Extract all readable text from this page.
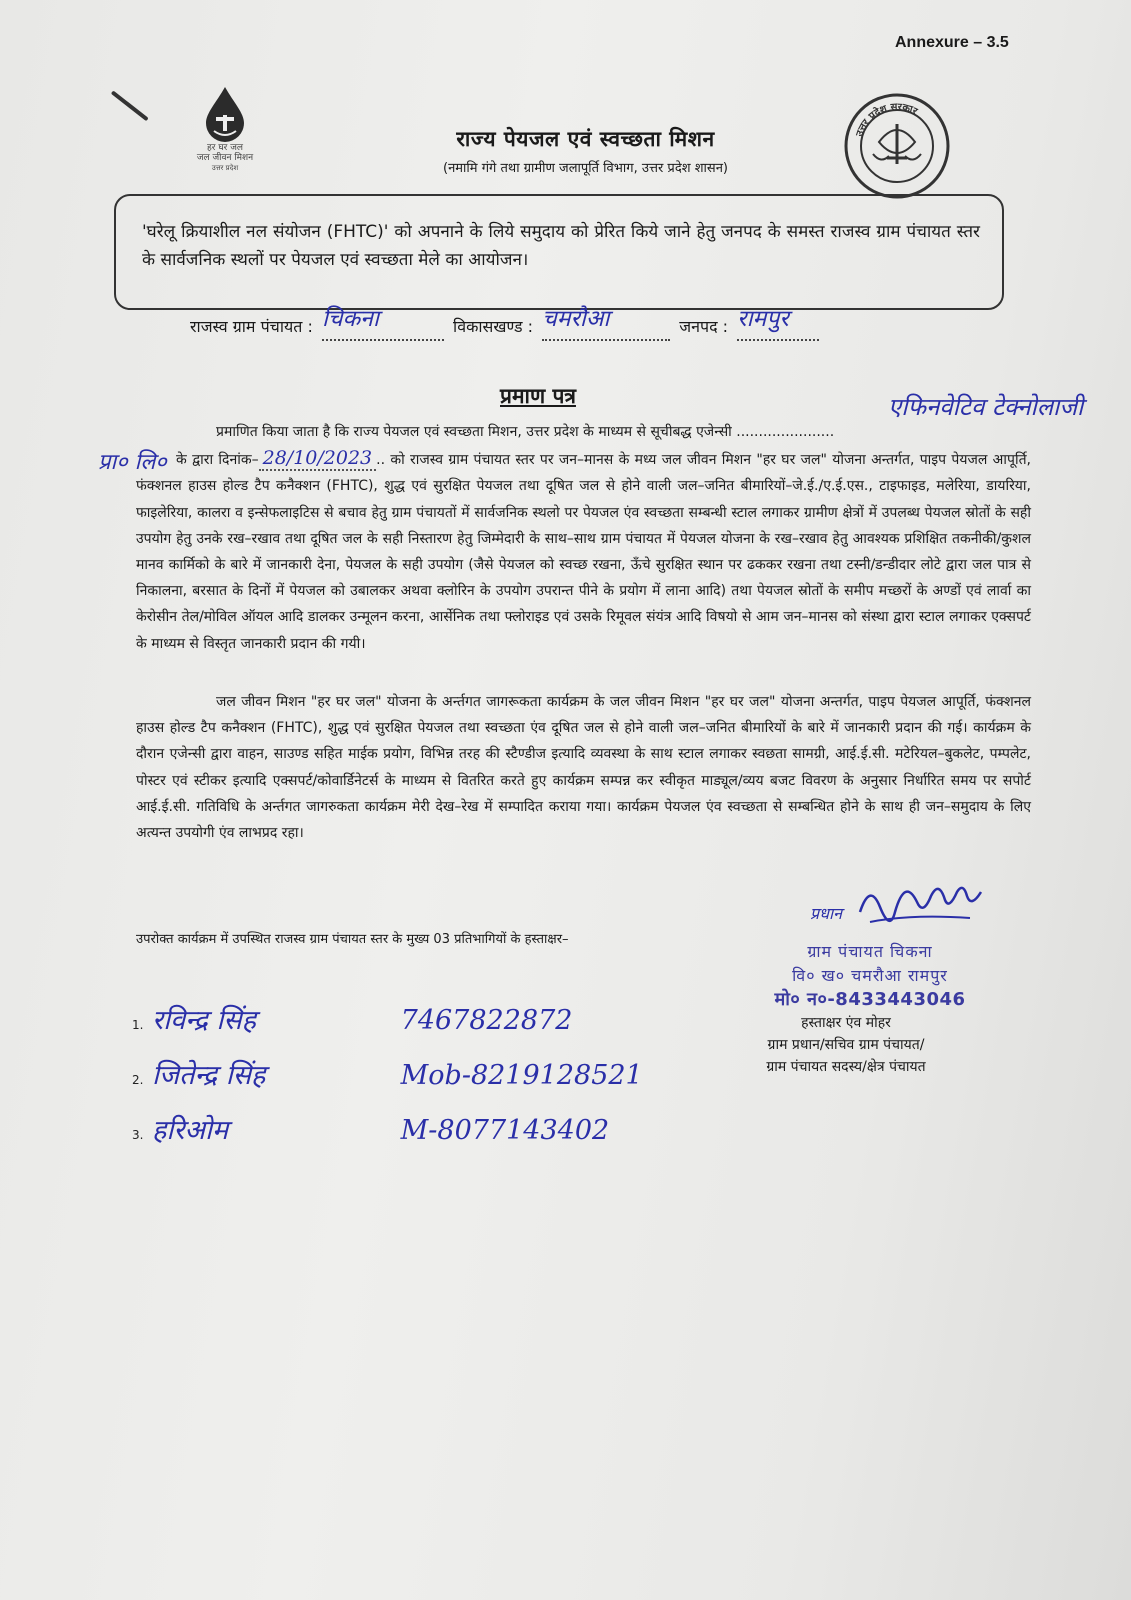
Annexure – 3.5
हर घर जल
जल जीवन मिशन
उत्तर प्रदेश
उत्तर प्रदेश सरकार
राज्य पेयजल एवं स्वच्छता मिशन
(नमामि गंगे तथा ग्रामीण जलापूर्ति विभाग, उत्तर प्रदेश शासन)

'घरेलू क्रियाशील नल संयोजन (FHTC)' को अपनाने के लिये समुदाय को प्रेरित किये जाने हेतु जनपद के समस्त राजस्व ग्राम पंचायत स्तर के सार्वजनिक स्थलों पर पेयजल एवं स्वच्छता मेले का आयोजन।

राजस्व ग्राम पंचायत : चिकना	विकासखण्ड : चमरौआ	जनपद : रामपुर
प्रमाण पत्र	एफिनवेटिव टेक्नोलाजी
प्रा० लि०
प्रमाणित किया जाता है कि राज्य पेयजल एवं स्वच्छता मिशन, उत्तर प्रदेश के माध्यम से सूचीबद्ध एजेन्सी ......................
के द्वारा दिनांक– 28/10/2023 .. को राजस्व ग्राम पंचायत स्तर पर जन–मानस के मध्य जल जीवन मिशन "हर घर जल" योजना अन्तर्गत, पाइप पेयजल आपूर्ति, फंक्शनल हाउस होल्ड टैप कनैक्शन (FHTC), शुद्ध एवं सुरक्षित पेयजल तथा दूषित जल से होने वाली जल–जनित बीमारियों–जे.ई./ए.ई.एस., टाइफाइड, मलेरिया, डायरिया, फाइलेरिया, कालरा व इन्सेफलाइटिस से बचाव हेतु ग्राम पंचायतों में सार्वजनिक स्थलो पर पेयजल एंव स्वच्छता सम्बन्धी स्टाल लगाकर ग्रामीण क्षेत्रों में उपलब्ध पेयजल स्रोतों के सही उपयोग हेतु उनके रख–रखाव तथा दूषित जल के सही निस्तारण हेतु जिम्मेदारी के साथ–साथ ग्राम पंचायत में पेयजल योजना के रख–रखाव हेतु आवश्यक प्रशिक्षित तकनीकी/कुशल मानव कार्मिको के बारे में जानकारी देना, पेयजल के सही उपयोग (जैसे पेयजल को स्वच्छ रखना, ऊँचे सुरक्षित स्थान पर ढककर रखना तथा टस्नी/डन्डीदार लोटे द्वारा जल पात्र से निकालना, बरसात के दिनों में पेयजल को उबालकर अथवा क्लोरिन के उपयोग उपरान्त पीने के प्रयोग में लाना आदि) तथा पेयजल स्रोतों के समीप मच्छरों के अण्डों एवं लार्वा का केरोसीन तेल/मोविल ऑयल आदि डालकर उन्मूलन करना, आर्सेनिक तथा फ्लोराइड एवं उसके रिमूवल संयंत्र आदि विषयो से आम जन–मानस को संस्था द्वारा स्टाल लगाकर एक्सपर्ट के माध्यम से विस्तृत जानकारी प्रदान की गयी।
जल जीवन मिशन "हर घर जल" योजना के अर्न्तगत जागरूकता कार्यक्रम के जल जीवन मिशन "हर घर जल" योजना अन्तर्गत, पाइप पेयजल आपूर्ति, फंक्शनल हाउस होल्ड टैप कनैक्शन (FHTC), शुद्ध एवं सुरक्षित पेयजल तथा स्वच्छता एंव दूषित जल से होने वाली जल–जनित बीमारियों के बारे में जानकारी प्रदान की गई। कार्यक्रम के दौरान एजेन्सी द्वारा वाहन, साउण्ड सहित माईक प्रयोग, विभिन्न तरह की स्टैण्डीज इत्यादि व्यवस्था के साथ स्टाल लगाकर स्वछता सामग्री, आई.ई.सी. मटेरियल–बुकलेट, पम्पलेट, पोस्टर एवं स्टीकर इत्यादि एक्सपर्ट/कोवार्डिनेटर्स के माध्यम से वितरित करते हुए कार्यक्रम सम्पन्न कर स्वीकृत माड्यूल/व्यय बजट विवरण के अनुसार निर्धारित समय पर सपोर्ट आई.ई.सी. गतिविधि के अर्न्तगत जागरुकता कार्यक्रम मेरी देख–रेख में सम्पादित कराया गया। कार्यक्रम पेयजल एंव स्वच्छता से सम्बन्धित होने के साथ ही जन–समुदाय के लिए अत्यन्त उपयोगी एंव लाभप्रद रहा।
उपरोक्त कार्यक्रम में उपस्थित राजस्व ग्राम पंचायत स्तर के मुख्य 03 प्रतिभागियों के हस्ताक्षर–
1. रविन्द्र सिंह	7467822872
2. जितेन्द्र सिंह	Mob-8219128521
3. हरिओम	M-8077143402
प्रधान
ग्राम पंचायत चिकना
वि० ख० चमरौआ रामपुर
मो० न०-8433443046
हस्ताक्षर एंव मोहर
ग्राम प्रधान/सचिव ग्राम पंचायत/
ग्राम पंचायत सदस्य/क्षेत्र पंचायत
